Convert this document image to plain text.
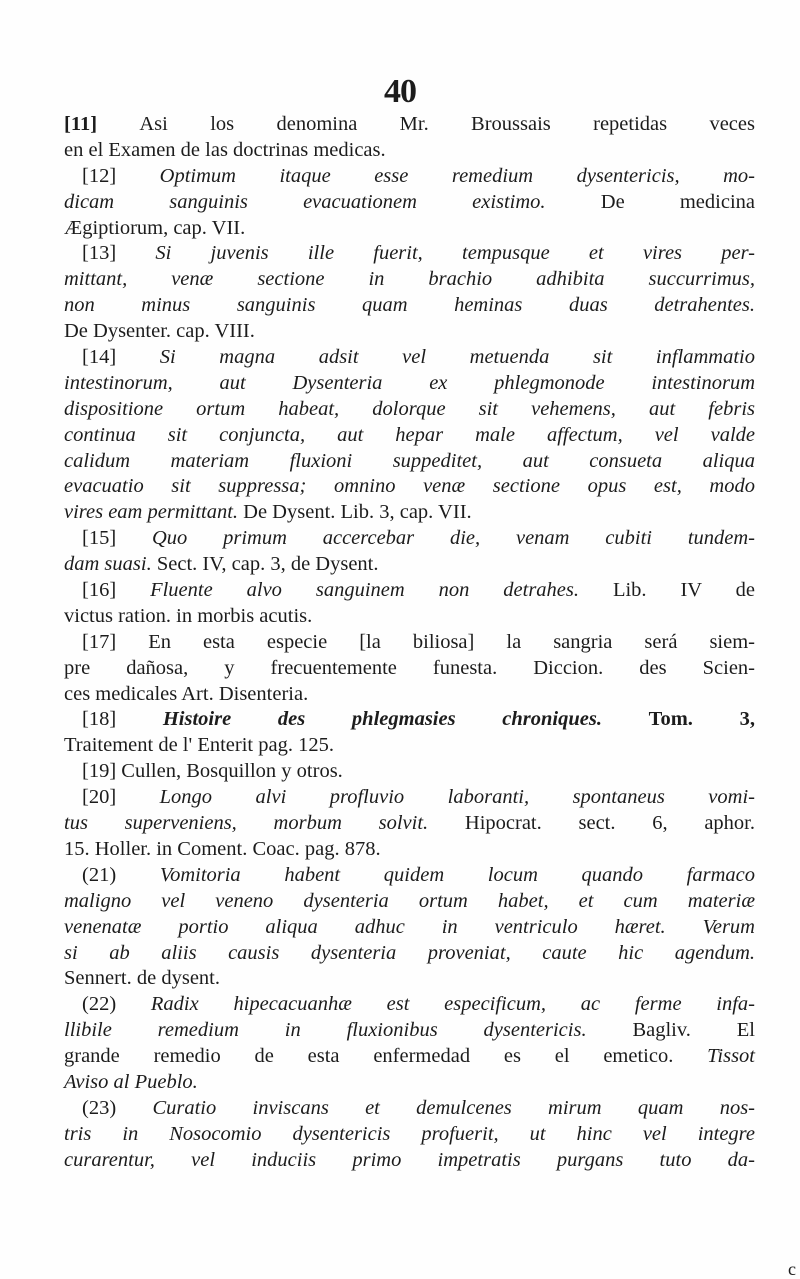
40
[11] Asi los denomina Mr. Broussais repetidas veces
en el Examen de las doctrinas medicas.
[12] Optimum itaque esse remedium dysentericis, mo-
dicam sanguinis evacuationem existimo. De medicina
Ægiptiorum, cap. VII.
[13] Si juvenis ille fuerit, tempusque et vires per-
mittant, venæ sectione in brachio adhibita succurrimus,
non minus sanguinis quam heminas duas detrahentes.
De Dysenter. cap. VIII.
[14] Si magna adsit vel metuenda sit inflammatio
intestinorum, aut Dysenteria ex phlegmonode intestinorum
dispositione ortum habeat, dolorque sit vehemens, aut febris
continua sit conjuncta, aut hepar male affectum, vel valde
calidum materiam fluxioni suppeditet, aut consueta aliqua
evacuatio sit suppressa; omnino venæ sectione opus est, modo
vires eam permittant. De Dysent. Lib. 3, cap. VII.
[15] Quo primum accercebar die, venam cubiti tundem-
dam suasi. Sect. IV, cap. 3, de Dysent.
[16] Fluente alvo sanguinem non detrahes. Lib. IV de
victus ration. in morbis acutis.
[17] En esta especie [la biliosa] la sangria será siem-
pre dañosa, y frecuentemente funesta. Diccion. des Scien-
ces medicales Art. Disenteria.
[18] Histoire des phlegmasies chroniques. Tom. 3,
Traitement de l' Enterit pag. 125.
[19] Cullen, Bosquillon y otros.
[20] Longo alvi profluvio laboranti, spontaneus vomi-
tus superveniens, morbum solvit. Hipocrat. sect. 6, aphor.
15. Holler. in Coment. Coac. pag. 878.
(21) Vomitoria habent quidem locum quando farmaco
maligno vel veneno dysenteria ortum habet, et cum materiæ
venenatæ portio aliqua adhuc in ventriculo hæret. Verum
si ab aliis causis dysenteria proveniat, caute hic agendum.
Sennert. de dysent.
(22) Radix hipecacuanhæ est especificum, ac ferme infa-
llibile remedium in fluxionibus dysentericis. Bagliv. El
grande remedio de esta enfermedad es el emetico. Tissot
Aviso al Pueblo.
(23) Curatio inviscans et demulcenes mirum quam nos-
tris in Nosocomio dysentericis profuerit, ut hinc vel integre
curarentur, vel induciis primo impetratis purgans tuto da-
c
